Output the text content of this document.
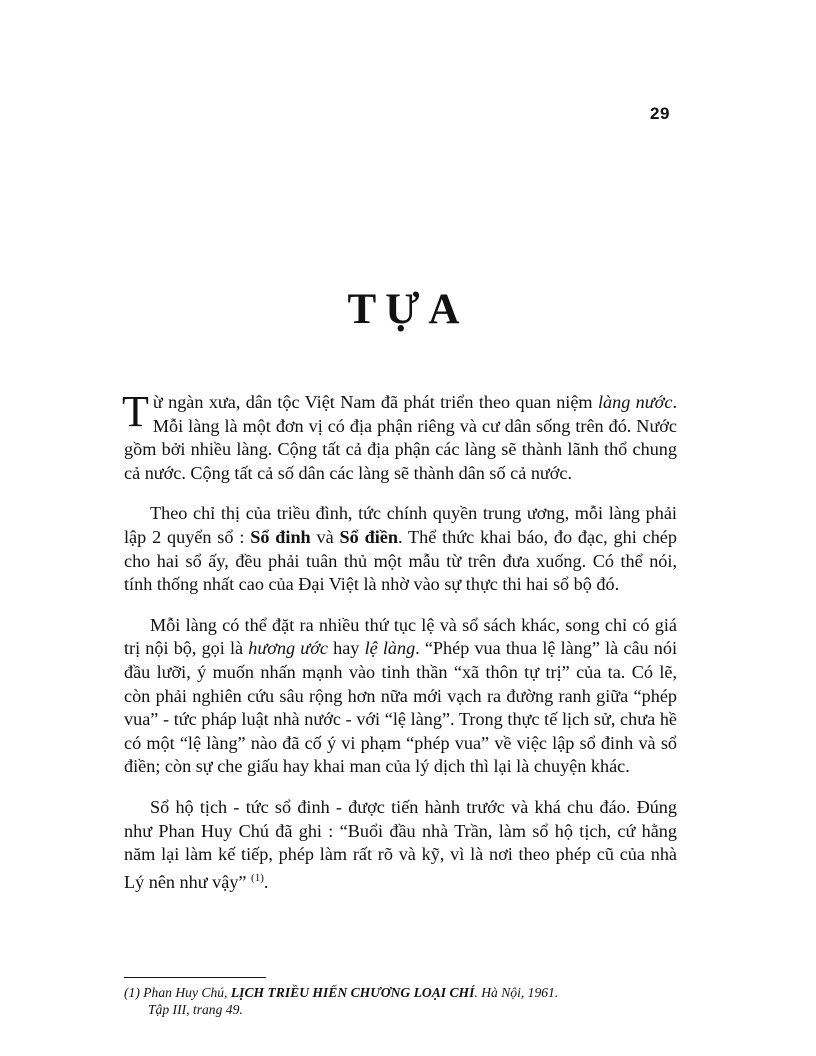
29
TỰA

Từ ngàn xưa, dân tộc Việt Nam đã phát triển theo quan niệm làng nước. Mỗi làng là một đơn vị có địa phận riêng và cư dân sống trên đó. Nước gồm bởi nhiều làng. Cộng tất cả địa phận các làng sẽ thành lãnh thổ chung cả nước. Cộng tất cả số dân các làng sẽ thành dân số cả nước.

Theo chỉ thị của triều đình, tức chính quyền trung ương, mỗi làng phải lập 2 quyển sổ : Sổ đinh và Sổ điền. Thể thức khai báo, đo đạc, ghi chép cho hai sổ ấy, đều phải tuân thủ một mẫu từ trên đưa xuống. Có thể nói, tính thống nhất cao của Đại Việt là nhờ vào sự thực thi hai sổ bộ đó.

Mỗi làng có thể đặt ra nhiều thứ tục lệ và sổ sách khác, song chỉ có giá trị nội bộ, gọi là hương ước hay lệ làng. “Phép vua thua lệ làng” là câu nói đầu lưỡi, ý muốn nhấn mạnh vào tinh thần “xã thôn tự trị” của ta. Có lẽ, còn phải nghiên cứu sâu rộng hơn nữa mới vạch ra đường ranh giữa “phép vua” - tức pháp luật nhà nước - với “lệ làng”. Trong thực tế lịch sử, chưa hề có một “lệ làng” nào đã cố ý vi phạm “phép vua” về việc lập sổ đinh và sổ điền; còn sự che giấu hay khai man của lý dịch thì lại là chuyện khác.

Sổ hộ tịch - tức sổ đinh - được tiến hành trước và khá chu đáo. Đúng như Phan Huy Chú đã ghi : “Buổi đầu nhà Trần, làm sổ hộ tịch, cứ hằng năm lại làm kế tiếp, phép làm rất rõ và kỹ, vì là nơi theo phép cũ của nhà Lý nên như vậy” $^{(1)}$.

(1) Phan Huy Chú, LỊCH TRIỀU HIẾN CHƯƠNG LOẠI CHÍ. Hà Nội, 1961.
Tập III, trang 49.
